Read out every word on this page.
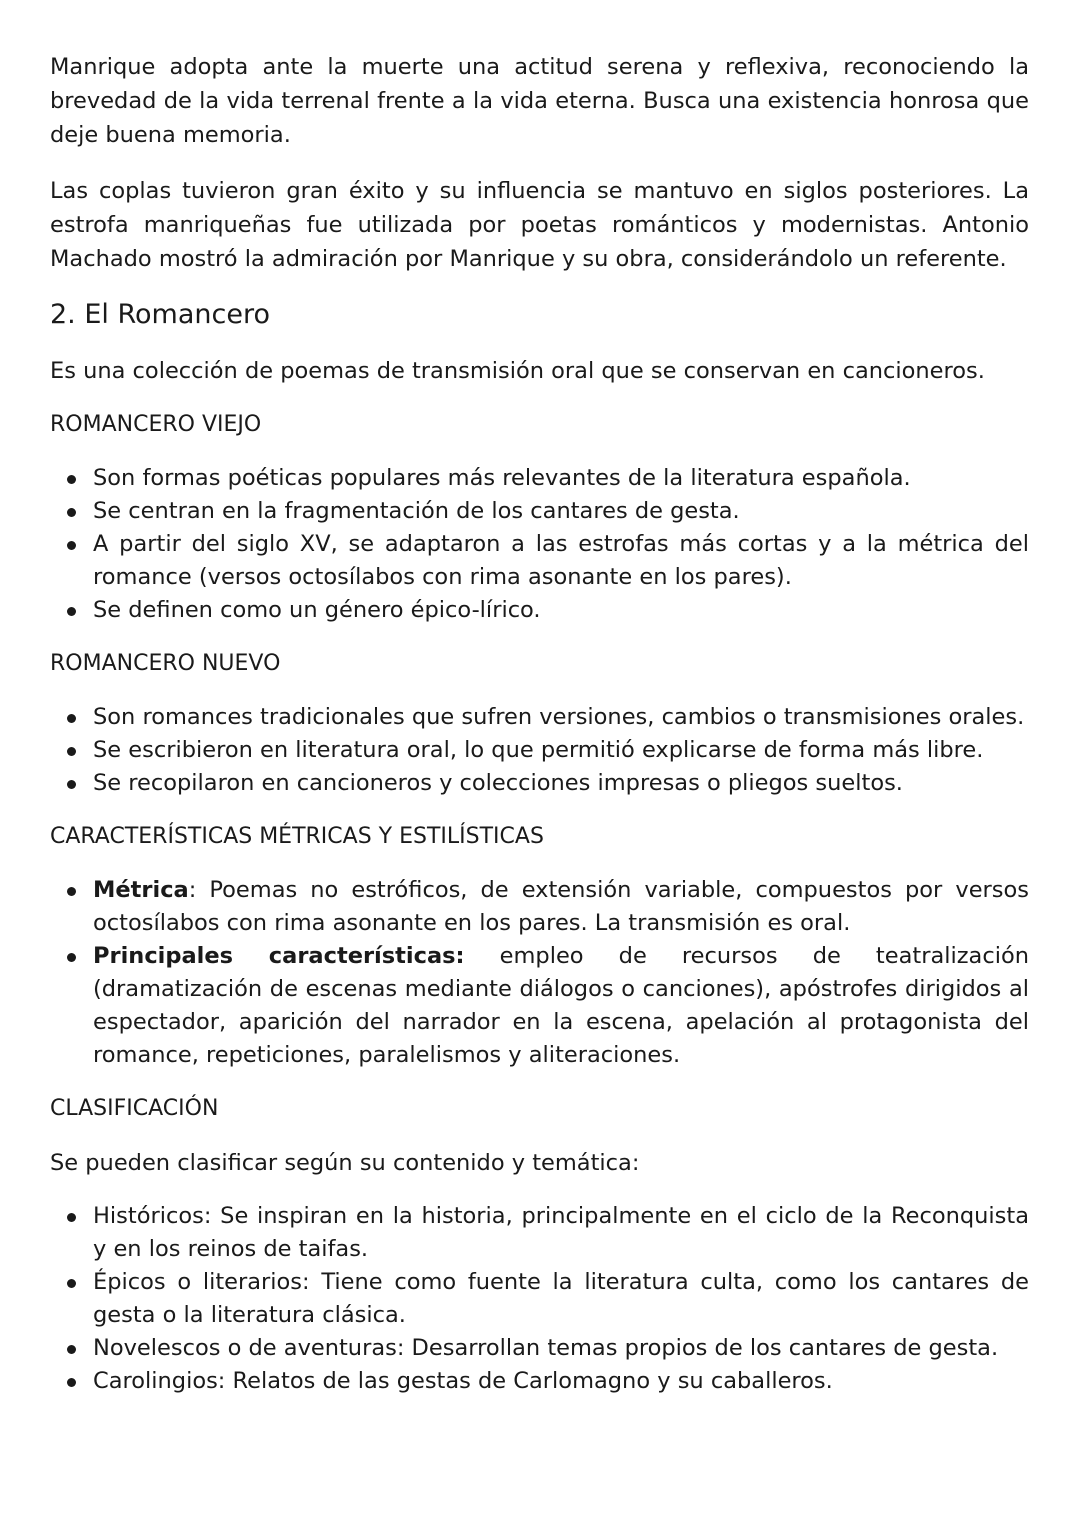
Manrique adopta ante la muerte una actitud serena y reflexiva, reconociendo la brevedad de la vida terrenal frente a la vida eterna. Busca una existencia honrosa que deje buena memoria.

Las coplas tuvieron gran éxito y su influencia se mantuvo en siglos posteriores. La estrofa manriqueñas fue utilizada por poetas románticos y modernistas. Antonio Machado mostró la admiración por Manrique y su obra, considerándolo un referente.

2. El Romancero

Es una colección de poemas de transmisión oral que se conservan en cancioneros.

ROMANCERO VIEJO
Son formas poéticas populares más relevantes de la literatura española.
Se centran en la fragmentación de los cantares de gesta.
A partir del siglo XV, se adaptaron a las estrofas más cortas y a la métrica del romance (versos octosílabos con rima asonante en los pares).
Se definen como un género épico-lírico.
ROMANCERO NUEVO
Son romances tradicionales que sufren versiones, cambios o transmisiones orales.
Se escribieron en literatura oral, lo que permitió explicarse de forma más libre.
Se recopilaron en cancioneros y colecciones impresas o pliegos sueltos.
CARACTERÍSTICAS MÉTRICAS Y ESTILÍSTICAS
Métrica: Poemas no estróficos, de extensión variable, compuestos por versos octosílabos con rima asonante en los pares. La transmisión es oral.
Principales características: empleo de recursos de teatralización (dramatización de escenas mediante diálogos o canciones), apóstrofes dirigidos al espectador, aparición del narrador en la escena, apelación al protagonista del romance, repeticiones, paralelismos y aliteraciones.
CLASIFICACIÓN

Se pueden clasificar según su contenido y temática:

Históricos: Se inspiran en la historia, principalmente en el ciclo de la Reconquista y en los reinos de taifas.
Épicos o literarios: Tiene como fuente la literatura culta, como los cantares de gesta o la literatura clásica.
Novelescos o de aventuras: Desarrollan temas propios de los cantares de gesta.
Carolingios: Relatos de las gestas de Carlomagno y su caballeros.
